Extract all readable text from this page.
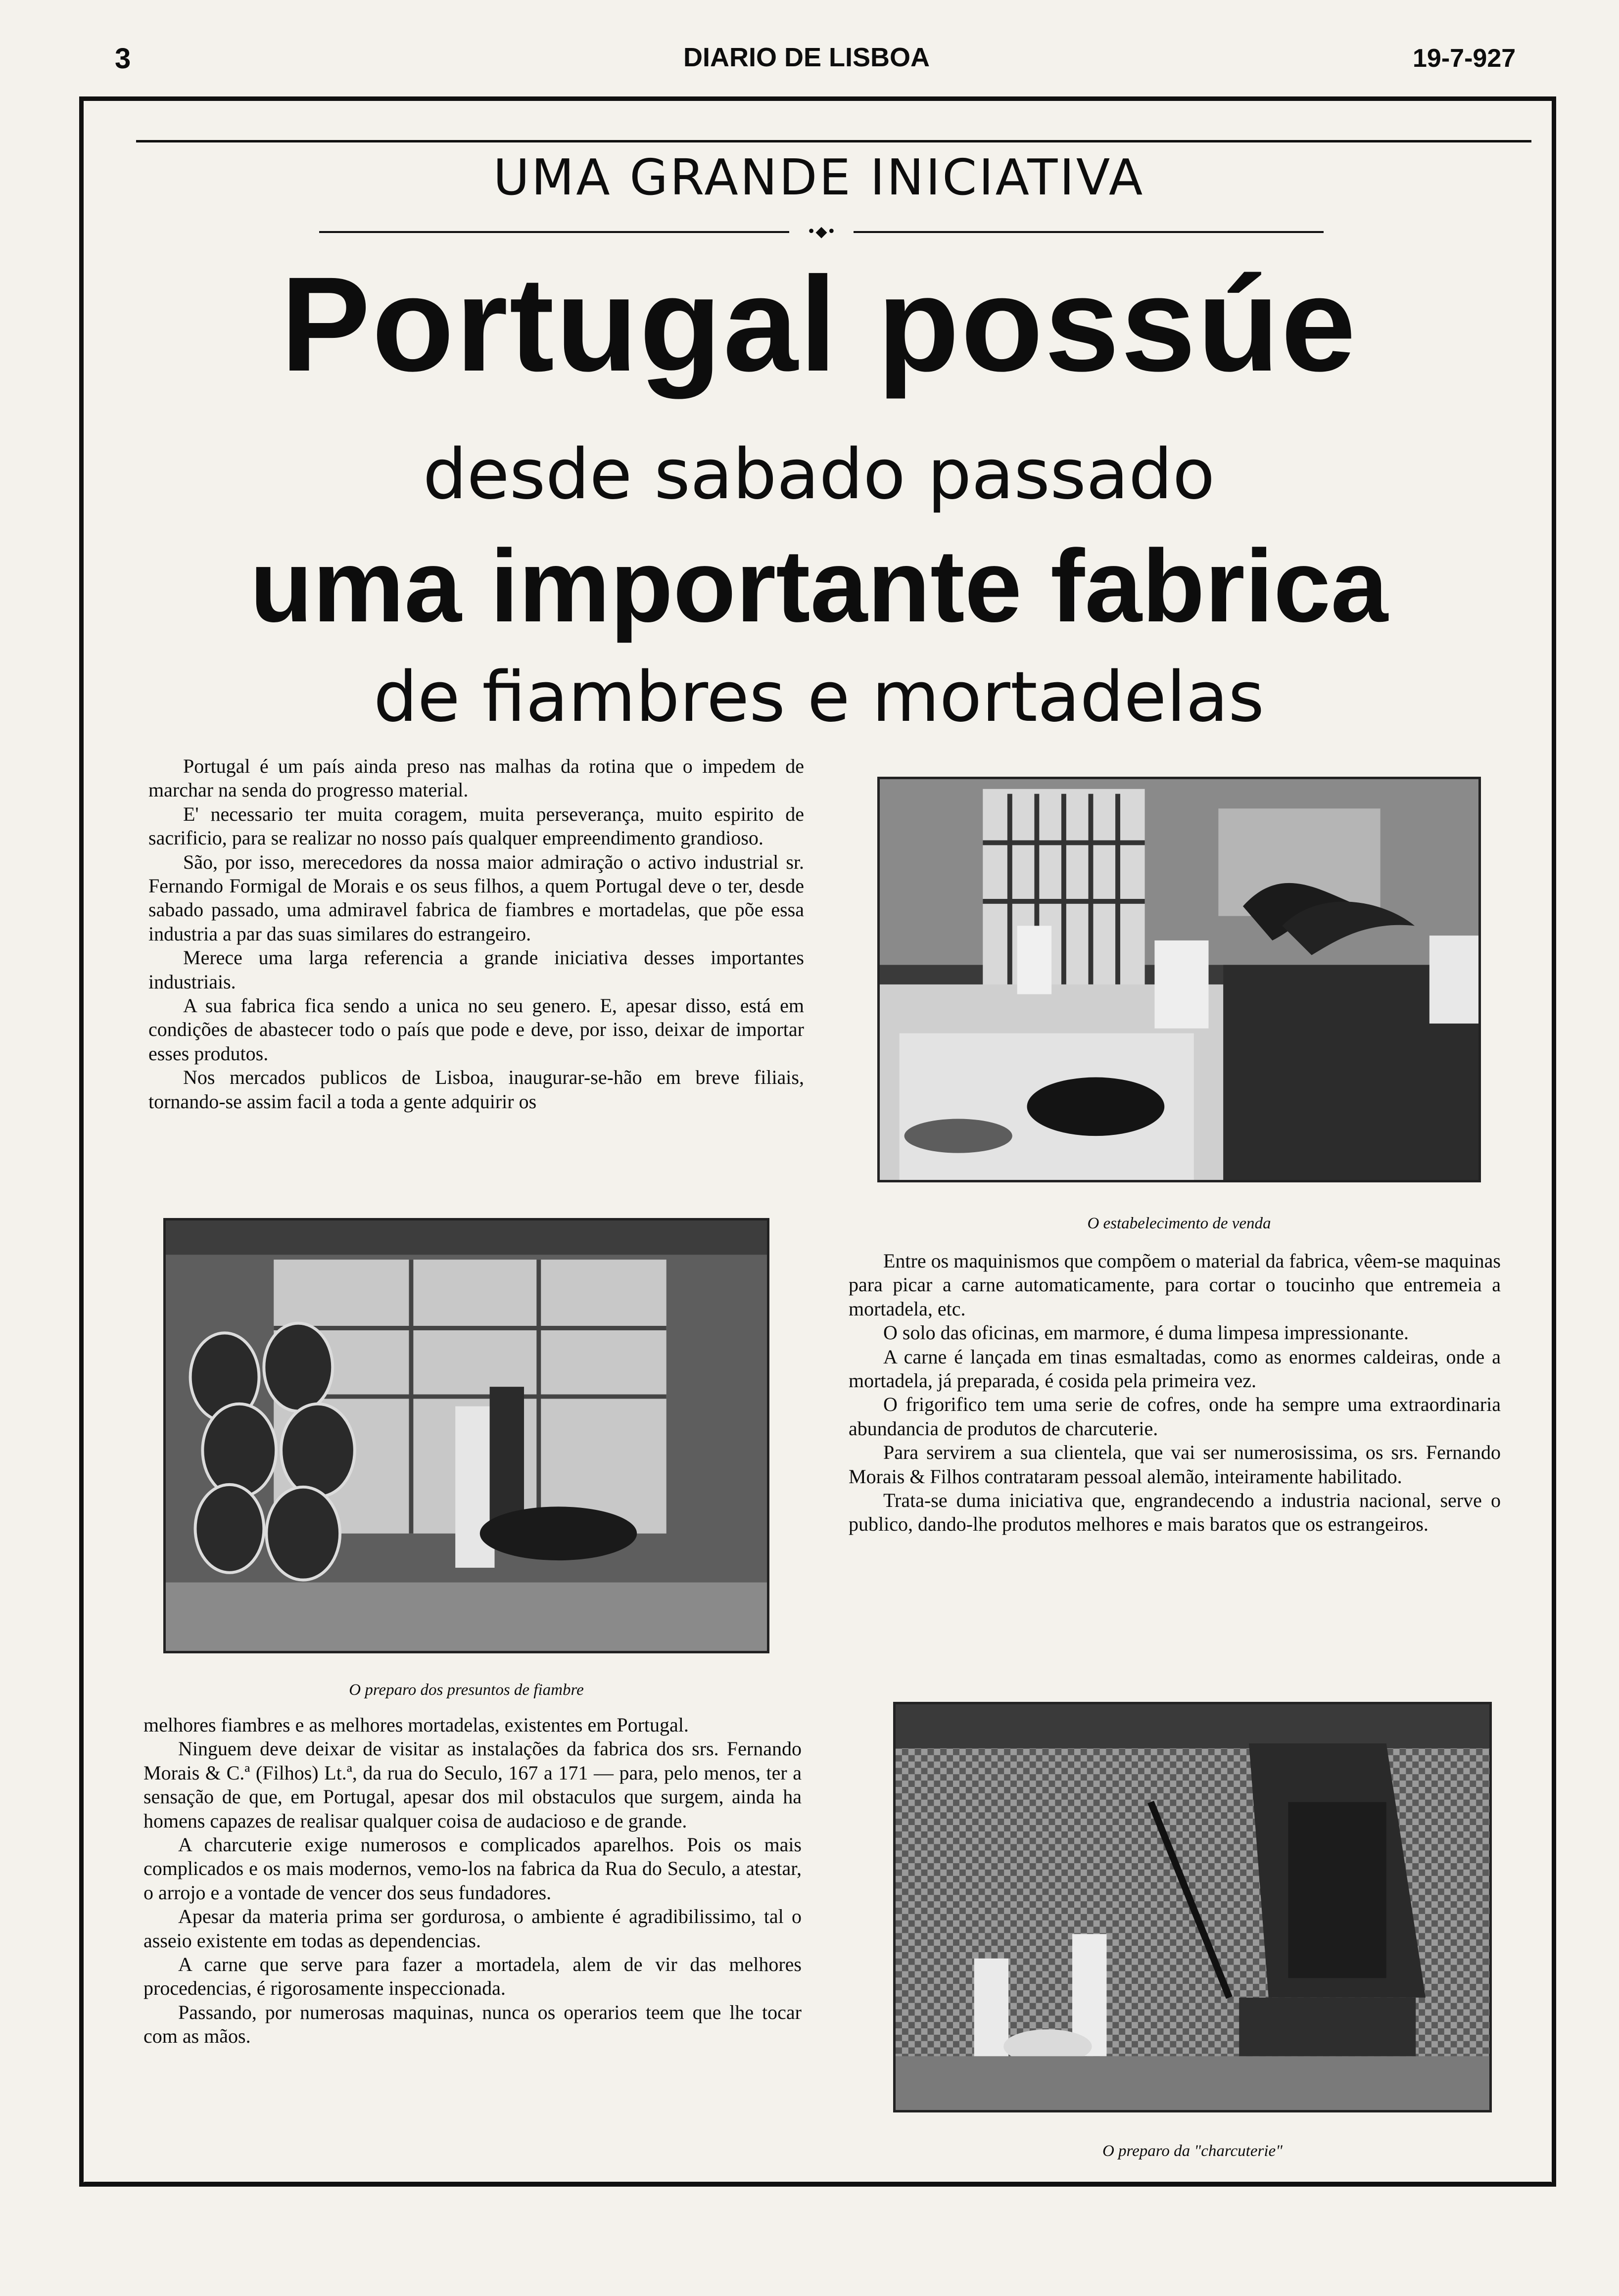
3	DIARIO DE LISBOA	19-7-927
UMA GRANDE INICIATIVA
•◆•
Portugal possúe
desde sabado passado
uma importante fabrica
de fiambres e mortadelas

Portugal é um país ainda preso nas malhas da rotina que o impedem de marchar na senda do progresso material.

E' necessario ter muita coragem, muita perseverança, muito espirito de sacrificio, para se realizar no nosso país qualquer empreendimento grandioso.

São, por isso, merecedores da nossa maior admiração o activo industrial sr. Fernando Formigal de Morais e os seus filhos, a quem Portugal deve o ter, desde sabado passado, uma admiravel fabrica de fiambres e mortadelas, que põe essa industria a par das suas similares do estrangeiro.

Merece uma larga referencia a grande iniciativa desses importantes industriais.

A sua fabrica fica sendo a unica no seu genero. E, apesar disso, está em condições de abastecer todo o país que pode e deve, por isso, deixar de importar esses produtos.

Nos mercados publicos de Lisboa, inaugurar-se-hão em breve filiais, tornando-se assim facil a toda a gente adquirir os

O estabelecimento de venda
O preparo dos presuntos de fiambre

melhores fiambres e as melhores mortadelas, existentes em Portugal.

Ninguem deve deixar de visitar as instalações da fabrica dos srs. Fernando Morais & C.ª (Filhos) Lt.ª, da rua do Seculo, 167 a 171 — para, pelo menos, ter a sensação de que, em Portugal, apesar dos mil obstaculos que surgem, ainda ha homens capazes de realisar qualquer coisa de audacioso e de grande.

A charcuterie exige numerosos e complicados aparelhos. Pois os mais complicados e os mais modernos, vemo-los na fabrica da Rua do Seculo, a atestar, o arrojo e a vontade de vencer dos seus fundadores.

Apesar da materia prima ser gordurosa, o ambiente é agradibilissimo, tal o asseio existente em todas as dependencias.

A carne que serve para fazer a mortadela, alem de vir das melhores procedencias, é rigorosamente inspeccionada.

Passando, por numerosas maquinas, nunca os operarios teem que lhe tocar com as mãos.

Entre os maquinismos que compõem o material da fabrica, vêem-se maquinas para picar a carne automaticamente, para cortar o toucinho que entremeia a mortadela, etc.

O solo das oficinas, em marmore, é duma limpesa impressionante.

A carne é lançada em tinas esmaltadas, como as enormes caldeiras, onde a mortadela, já preparada, é cosida pela primeira vez.

O frigorifico tem uma serie de cofres, onde ha sempre uma extraordinaria abundancia de produtos de charcuterie.

Para servirem a sua clientela, que vai ser numerosissima, os srs. Fernando Morais & Filhos contrataram pessoal alemão, inteiramente habilitado.

Trata-se duma iniciativa que, engrandecendo a industria nacional, serve o publico, dando-lhe produtos melhores e mais baratos que os estrangeiros.

O preparo da "charcuterie"
